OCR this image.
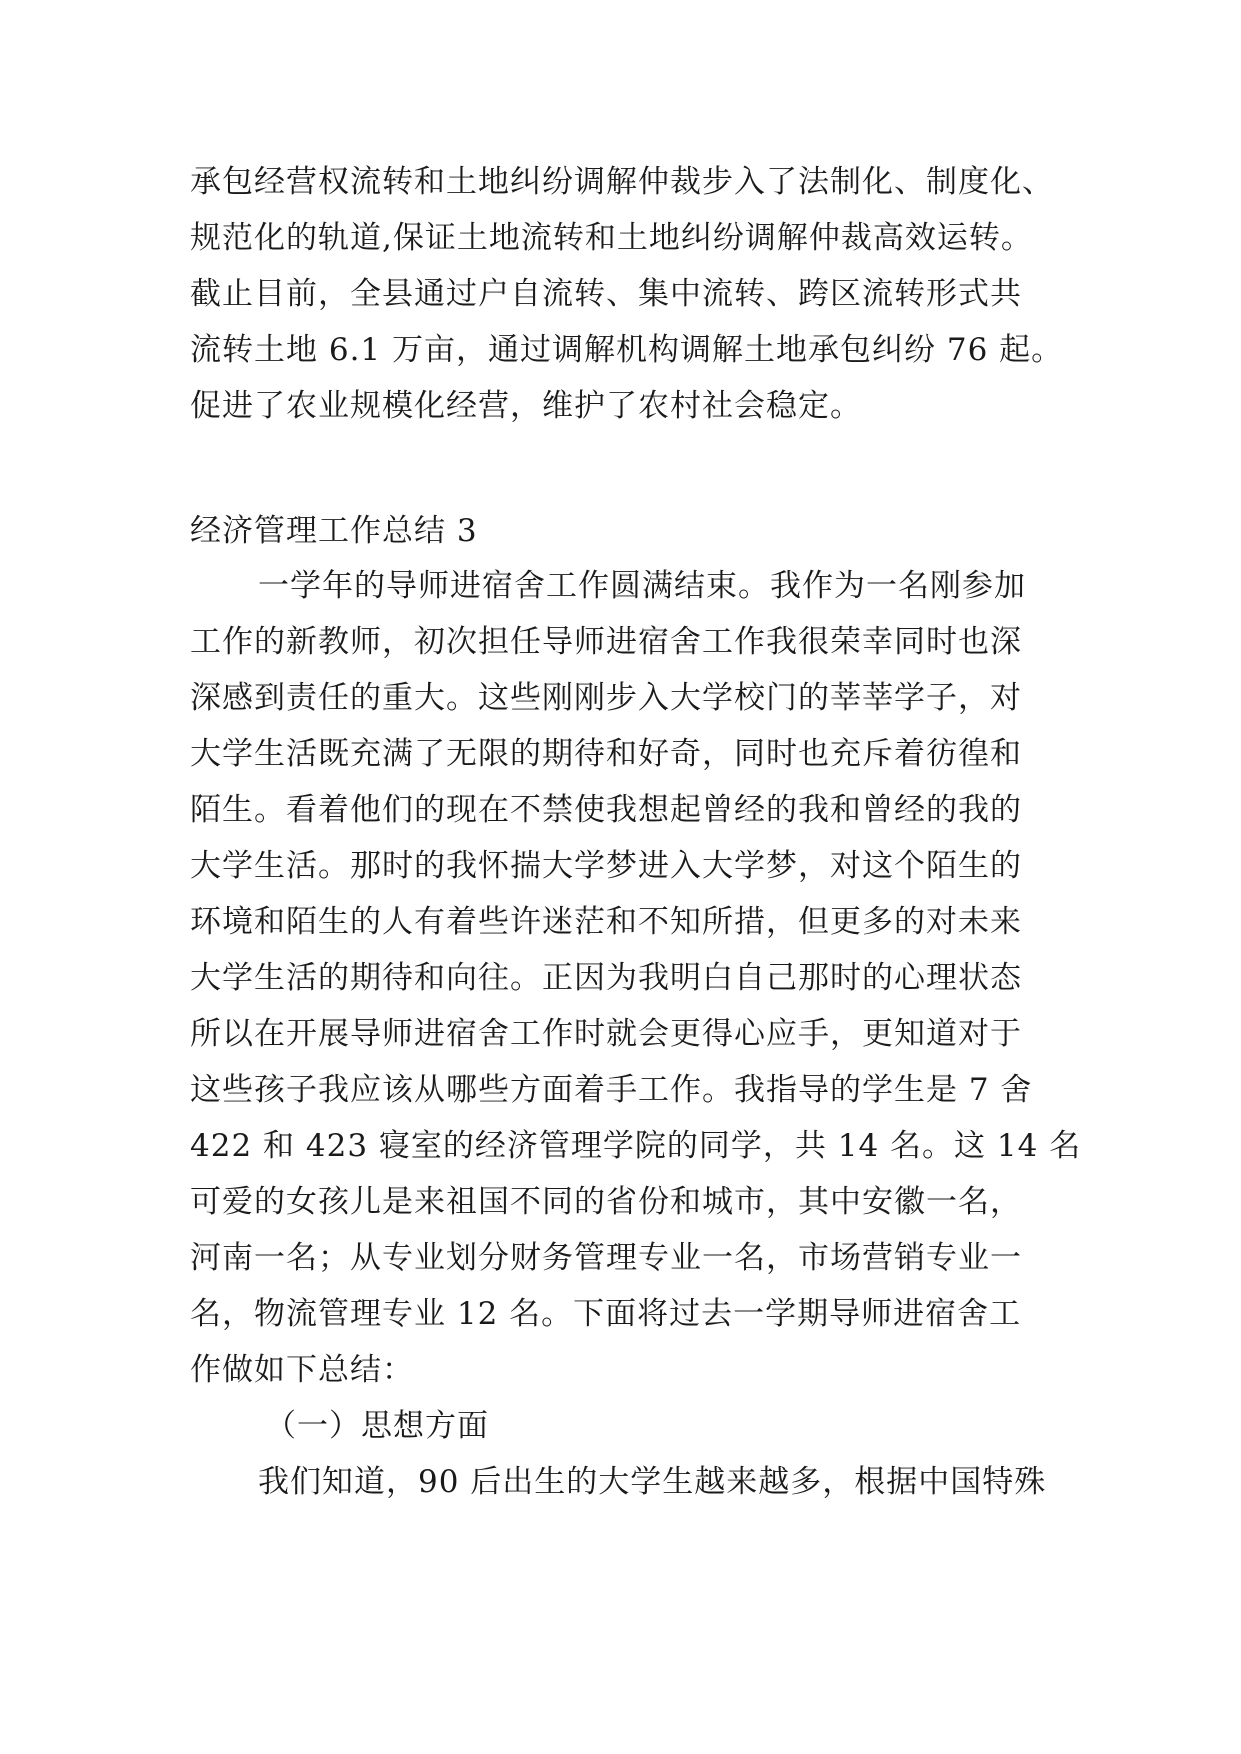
承包经营权流转和土地纠纷调解仲裁步入了法制化、制度化、
规范化的轨道,保证土地流转和土地纠纷调解仲裁高效运转。
截止目前，全县通过户自流转、集中流转、跨区流转形式共
流转土地 6.1 万亩，通过调解机构调解土地承包纠纷 76 起。
促进了农业规模化经营，维护了农村社会稳定。
经济管理工作总结 3
一学年的导师进宿舍工作圆满结束。我作为一名刚参加
工作的新教师，初次担任导师进宿舍工作我很荣幸同时也深
深感到责任的重大。这些刚刚步入大学校门的莘莘学子，对
大学生活既充满了无限的期待和好奇，同时也充斥着彷徨和
陌生。看着他们的现在不禁使我想起曾经的我和曾经的我的
大学生活。那时的我怀揣大学梦进入大学梦，对这个陌生的
环境和陌生的人有着些许迷茫和不知所措，但更多的对未来
大学生活的期待和向往。正因为我明白自己那时的心理状态
所以在开展导师进宿舍工作时就会更得心应手，更知道对于
这些孩子我应该从哪些方面着手工作。我指导的学生是 7 舍
422 和 423 寝室的经济管理学院的同学，共 14 名。这 14 名
可爱的女孩儿是来祖国不同的省份和城市，其中安徽一名，
河南一名；从专业划分财务管理专业一名，市场营销专业一
名，物流管理专业 12 名。下面将过去一学期导师进宿舍工
作做如下总结：
（一）思想方面
我们知道，90 后出生的大学生越来越多，根据中国特殊
